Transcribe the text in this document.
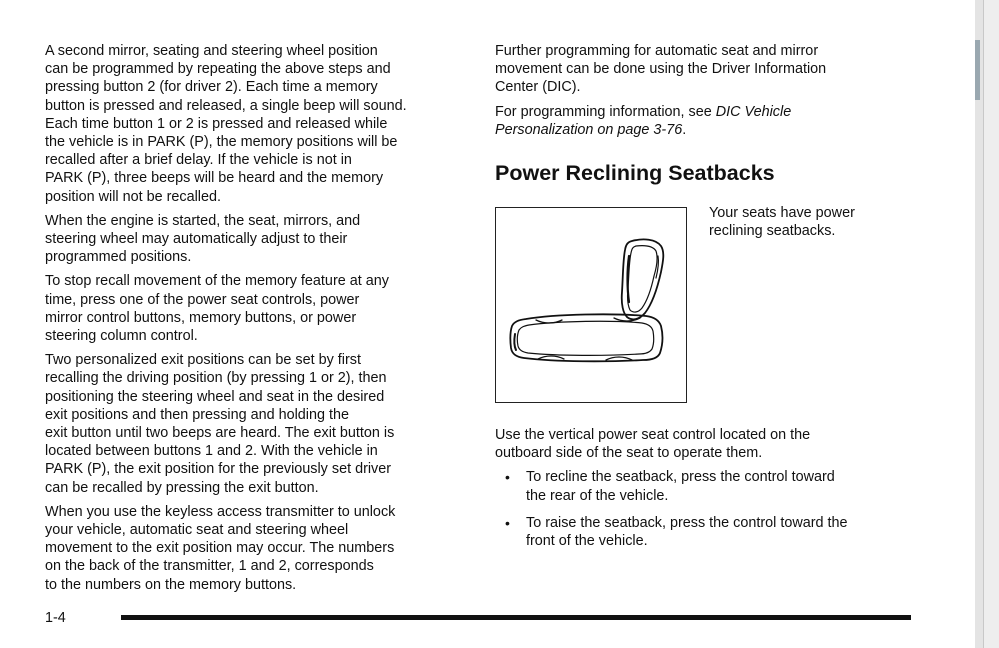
A second mirror, seating and steering wheel position
can be programmed by repeating the above steps and
pressing button 2 (for driver 2). Each time a memory
button is pressed and released, a single beep will sound.
Each time button 1 or 2 is pressed and released while
the vehicle is in PARK (P), the memory positions will be
recalled after a brief delay. If the vehicle is not in
PARK (P), three beeps will be heard and the memory
position will not be recalled.

When the engine is started, the seat, mirrors, and
steering wheel may automatically adjust to their
programmed positions.

To stop recall movement of the memory feature at any
time, press one of the power seat controls, power
mirror control buttons, memory buttons, or power
steering column control.

Two personalized exit positions can be set by first
recalling the driving position (by pressing 1 or 2), then
positioning the steering wheel and seat in the desired
exit positions and then pressing and holding the
exit button until two beeps are heard. The exit button is
located between buttons 1 and 2. With the vehicle in
PARK (P), the exit position for the previously set driver
can be recalled by pressing the exit button.

When you use the keyless access transmitter to unlock
your vehicle, automatic seat and steering wheel
movement to the exit position may occur. The numbers
on the back of the transmitter, 1 and 2, corresponds
to the numbers on the memory buttons.

Further programming for automatic seat and mirror
movement can be done using the Driver Information
Center (DIC).

For programming information, see DIC Vehicle
Personalization on page 3-76.

Power Reclining Seatbacks
Your seats have power
reclining seatbacks.

Use the vertical power seat control located on the
outboard side of the seat to operate them.

• To recline the seatback, press the control toward
the rear of the vehicle.
• To raise the seatback, press the control toward the
front of the vehicle.
1-4
